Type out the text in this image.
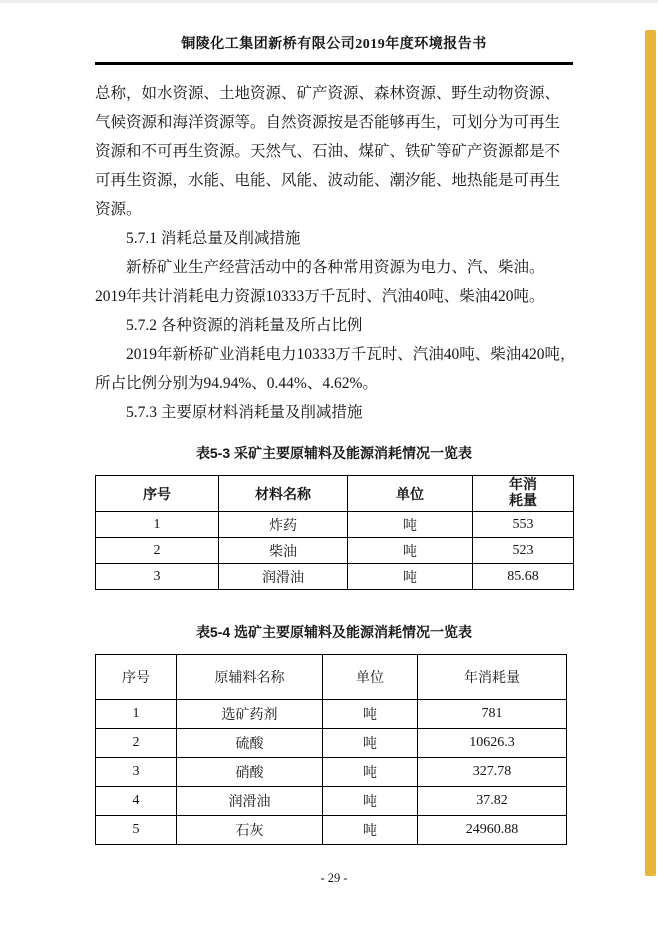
铜陵化工集团新桥有限公司2019年度环境报告书
总称，如水资源、土地资源、矿产资源、森林资源、野生动物资源、
气候资源和海洋资源等。自然资源按是否能够再生，可划分为可再生
资源和不可再生资源。天然气、石油、煤矿、铁矿等矿产资源都是不
可再生资源，水能、电能、风能、波动能、潮汐能、地热能是可再生
资源。
5.7.1 消耗总量及削减措施
新桥矿业生产经营活动中的各种常用资源为电力、汽、柴油。
2019年共计消耗电力资源10333万千瓦时、汽油40吨、柴油420吨。
5.7.2 各种资源的消耗量及所占比例
2019年新桥矿业消耗电力10333万千瓦时、汽油40吨、柴油420吨，
所占比例分别为94.94%、0.44%、4.62%。
5.7.3 主要原材料消耗量及削减措施
表5-3 采矿主要原辅料及能源消耗情况一览表
序号	材料名称	单位	年消耗量
1	炸药	吨	553
2	柴油	吨	523
3	润滑油	吨	85.68
表5-4 选矿主要原辅料及能源消耗情况一览表
序号	原辅料名称	单位	年消耗量
1	选矿药剂	吨	781
2	硫酸	吨	10626.3
3	硝酸	吨	327.78
4	润滑油	吨	37.82
5	石灰	吨	24960.88
- 29 -
